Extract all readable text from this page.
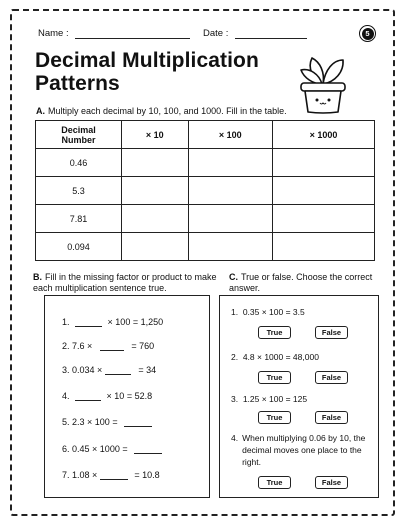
Name :	Date :	5
Decimal Multiplication
Patterns
A. Multiply each decimal by 10, 100, and 1000. Fill in the table.
Decimal
Number	× 10	× 100	× 1000
0.46			
5.3			
7.81			
0.094			
B. Fill in the missing factor or product to make each multiplication sentence true.
1.	× 100 = 1,250
2. 7.6 ×	= 760
3. 0.034 ×	= 34
4.	× 10 = 52.8
5. 2.3 × 100 =
6. 0.45 × 1000 =
7. 1.08 ×	= 10.8
C. True or false. Choose the correct answer.
1. 0.35 × 100 = 3.5
True	False
2. 4.8 × 1000 = 48,000
True	False
3. 1.25 × 100 = 125
True	False
4. When multiplying 0.06 by 10, the decimal moves one place to the right.
True	False
